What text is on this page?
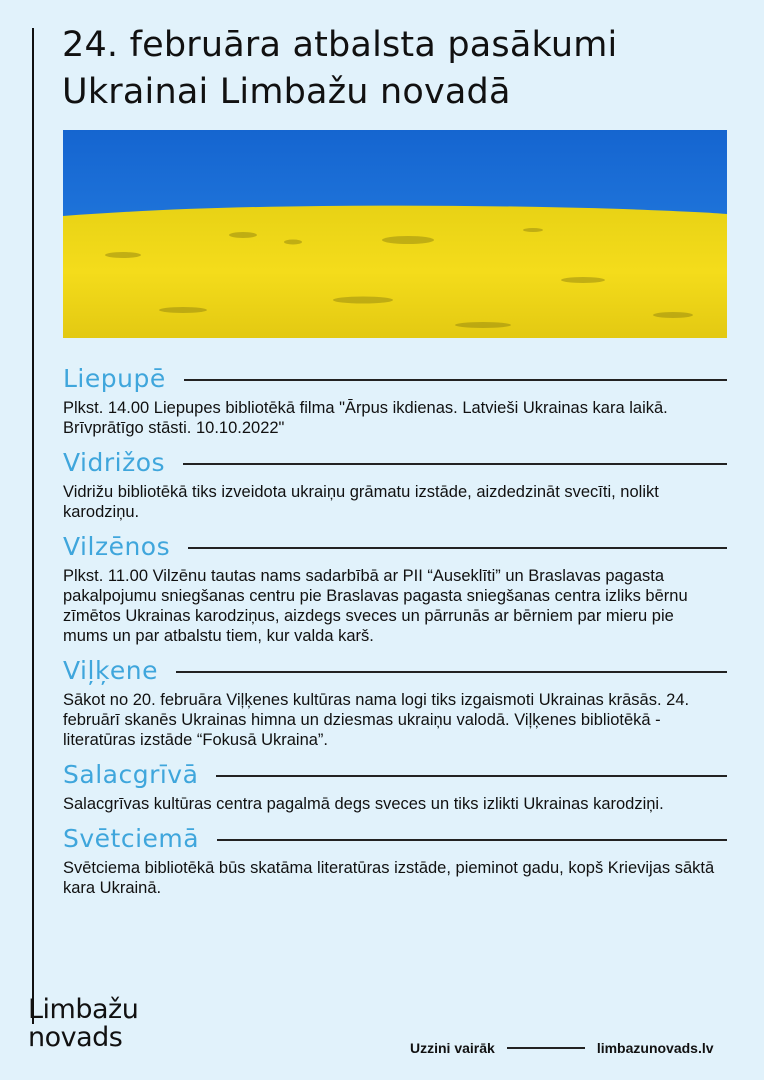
24. februāra atbalsta pasākumi
Ukrainai Limbažu novadā
Liepupē

Plkst. 14.00 Liepupes bibliotēkā filma "Ārpus ikdienas. Latvieši Ukrainas kara laikā. Brīvprātīgo stāsti. 10.10.2022"

Vidrižos

Vidrižu bibliotēkā tiks izveidota ukraiņu grāmatu izstāde, aizdedzināt svecīti, nolikt karodziņu.

Vilzēnos

Plkst. 11.00 Vilzēnu tautas nams sadarbībā ar PII “Auseklīti” un Braslavas pagasta pakalpojumu sniegšanas centru pie Braslavas pagasta sniegšanas centra izliks bērnu zīmētos Ukrainas karodziņus, aizdegs sveces un pārrunās ar bērniem par mieru pie mums un par atbalstu tiem, kur valda karš.

Viļķene

Sākot no 20. februāra Viļķenes kultūras nama logi tiks izgaismoti Ukrainas krāsās. 24. februārī skanēs Ukrainas himna un dziesmas ukraiņu valodā. Viļķenes bibliotēkā - literatūras izstāde “Fokusā Ukraina”.

Salacgrīvā

Salacgrīvas kultūras centra pagalmā degs sveces un tiks izlikti Ukrainas karodziņi.

Svētciemā

Svētciema bibliotēkā būs skatāma literatūras izstāde, pieminot gadu, kopš Krievijas sāktā kara Ukrainā.

Limbažu
novads	Uzzini vairāk	limbazunovads.lv
